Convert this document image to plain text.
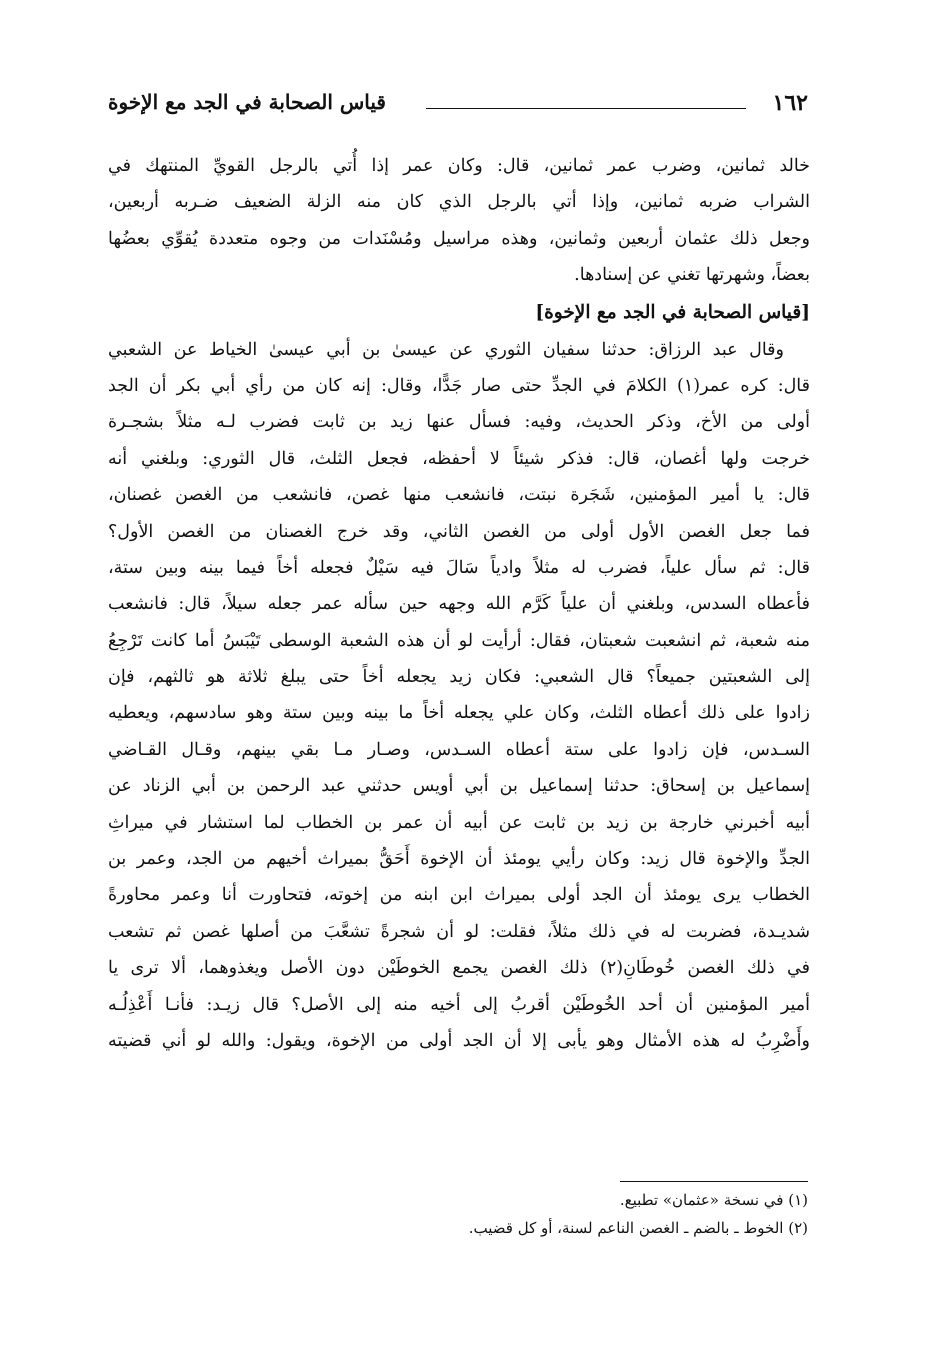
١٦٢
قياس الصحابة في الجد مع الإخوة
خالد ثمانين، وضرب عمر ثمانين، قال: وكان عمر إذا أُتي بالرجل القويِّ المنتهك في
الشراب ضربه ثمانين، وإذا أتي بالرجل الذي كان منه الزلة الضعيف ضـربه أربعين،
وجعل ذلك عثمان أربعين وثمانين، وهذه مراسيل ومُسْنَدات من وجوه متعددة يُقوِّي بعضُها
بعضاً، وشهرتها تغني عن إسنادها.
[قياس الصحابة في الجد مع الإخوة]
وقال عبد الرزاق: حدثنا سفيان الثوري عن عيسىٰ بن أبي عيسىٰ الخياط عن الشعبي
قال: كره عمر(١) الكلامَ في الجدِّ حتى صار جَدًّا، وقال: إنه كان من رأي أبي بكر أن الجد
أولى من الأخ، وذكر الحديث، وفيه: فسأل عنها زيد بن ثابت فضرب لـه مثلاً بشجـرة
خرجت ولها أغصان، قال: فذكر شيئاً لا أحفظه، فجعل الثلث، قال الثوري: وبلغني أنه
قال: يا أمير المؤمنين، شَجَرة نبتت، فانشعب منها غصن، فانشعب من الغصن غصنان،
فما جعل الغصن الأول أولى من الغصن الثاني، وقد خرج الغصنان من الغصن الأول؟
قال: ثم سأل علياً، فضرب له مثلاً وادياً سَالَ فيه سَيْلٌ فجعله أخاً فيما بينه وبين ستة،
فأعطاه السدس، وبلغني أن علياً كَرَّم الله وجهه حين سأله عمر جعله سيلاً، قال: فانشعب
منه شعبة، ثم انشعبت شعبتان، فقال: أرأيت لو أن هذه الشعبة الوسطى تَيْبَسُ أما كانت تَرْجِعُ
إلى الشعبتين جميعاً؟ قال الشعبي: فكان زيد يجعله أخاً حتى يبلغ ثلاثة هو ثالثهم، فإن
زادوا على ذلك أعطاه الثلث، وكان علي يجعله أخاً ما بينه وبين ستة وهو سادسهم، ويعطيه
السـدس، فإن زادوا على ستة أعطاه السـدس، وصـار مـا بقي بينهم، وقـال القـاضي
إسماعيل بن إسحاق: حدثنا إسماعيل بن أبي أويس حدثني عبد الرحمن بن أبي الزناد عن
أبيه أخبرني خارجة بن زيد بن ثابت عن أبيه أن عمر بن الخطاب لما استشار في ميراثِ
الجدِّ والإخوة قال زيد: وكان رأيي يومئذ أن الإخوة أَحَقُّ بميراث أخيهم من الجد، وعمر بن
الخطاب يرى يومئذ أن الجد أولى بميراث ابن ابنه من إخوته، فتحاورت أنا وعمر محاورةً
شديـدة، فضربت له في ذلك مثلاً، فقلت: لو أن شجرةً تشعَّبَ من أصلها غصن ثم تشعب
في ذلك الغصن خُوطَانِ(٢) ذلك الغصن يجمع الخوطَيْن دون الأصل ويغذوهما، ألا ترى يا
أمير المؤمنين أن أحد الخُوطَيْن أقربُ إلى أخيه منه إلى الأصل؟ قال زيـد: فأنـا أَعْذِلُـه
وأَضْرِبُ له هذه الأمثال وهو يأبى إلا أن الجد أولى من الإخوة، ويقول: والله لو أني قضيته
(١) في نسخة «عثمان» تطبيع.
(٢) الخوط ـ بالضم ـ الغصن الناعم لسنة، أو كل قضيب.
